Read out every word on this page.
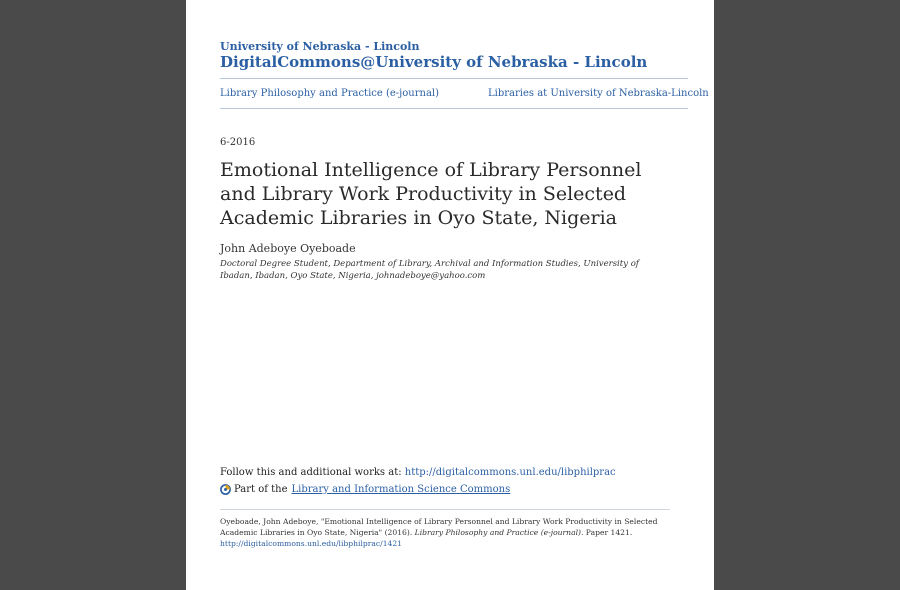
University of Nebraska - Lincoln
DigitalCommons@University of Nebraska - Lincoln
Library Philosophy and Practice (e-journal)	Libraries at University of Nebraska-Lincoln
6-2016
Emotional Intelligence of Library Personnel and Library Work Productivity in Selected Academic Libraries in Oyo State, Nigeria
John Adeboye Oyeboade
Doctoral Degree Student, Department of Library, Archival and Information Studies, University of Ibadan, Ibadan, Oyo State, Nigeria, johnadeboye@yahoo.com
Follow this and additional works at: http://digitalcommons.unl.edu/libphilprac
Part of the Library and Information Science Commons
Oyeboade, John Adeboye, "Emotional Intelligence of Library Personnel and Library Work Productivity in Selected Academic Libraries in Oyo State, Nigeria" (2016). Library Philosophy and Practice (e-journal). Paper 1421.
http://digitalcommons.unl.edu/libphilprac/1421
